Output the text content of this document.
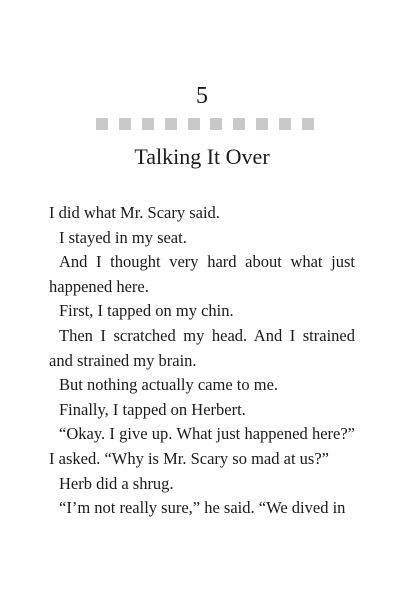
5
Talking It Over

I did what Mr. Scary said.

I stayed in my seat.

And I thought very hard about what just happened here.

First, I tapped on my chin.

Then I scratched my head. And I strained and strained my brain.

But nothing actually came to me.

Finally, I tapped on Herbert.

“Okay. I give up. What just happened here?” I asked. “Why is Mr. Scary so mad at us?”

Herb did a shrug.

“I’m not really sure,” he said. “We dived in
